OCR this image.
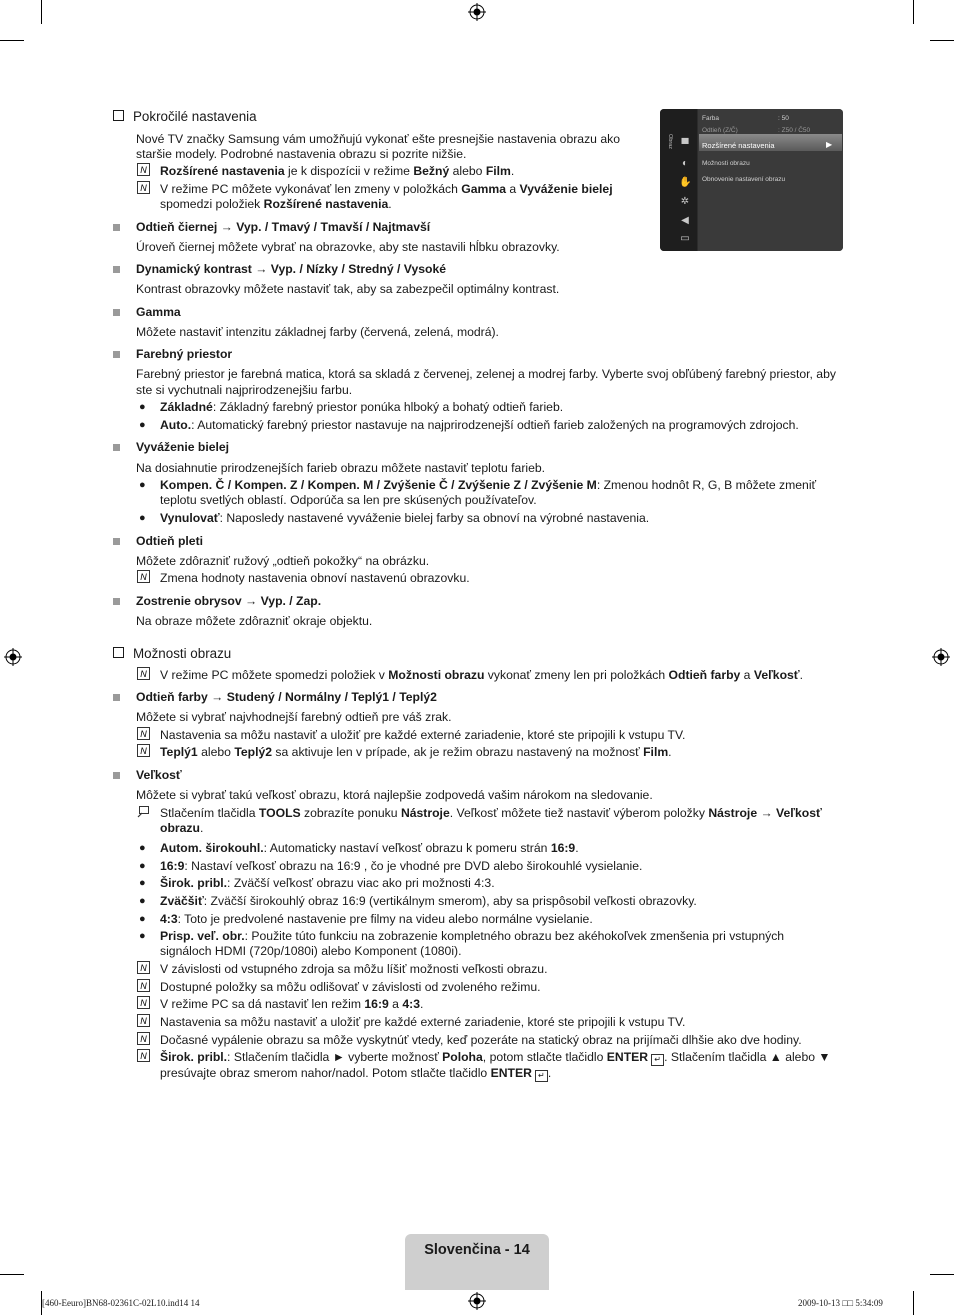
Obraz ▀
◐
✋
✲
◀
▭
Farba	: 50
Odtieň (Z/Č)	: Z50 / Č50
Rozšírené nastavenia	▶
Možnosti obrazu
Obnovenie nastavení obrazu
Pokročilé nastavenia
Nové TV značky Samsung vám umožňujú vykonať ešte presnejšie nastavenia obrazu ako
staršie modely. Podrobné nastavenia obrazu si pozrite nižšie.
N Rozšírené nastavenia je k dispozícii v režime Bežný alebo Film.
N V režime PC môžete vykonávať len zmeny v položkách Gamma a Vyváženie bielej
spomedzi položiek Rozšírené nastavenia.
Odtieň čiernej → Vyp. / Tmavý / Tmavší / Najtmavší
Úroveň čiernej môžete vybrať na obrazovke, aby ste nastavili hĺbku obrazovky.
Dynamický kontrast → Vyp. / Nízky / Stredný / Vysoké
Kontrast obrazovky môžete nastaviť tak, aby sa zabezpečil optimálny kontrast.
Gamma
Môžete nastaviť intenzitu základnej farby (červená, zelená, modrá).
Farebný priestor
Farebný priestor je farebná matica, ktorá sa skladá z červenej, zelenej a modrej farby. Vyberte svoj obľúbený farebný priestor, aby
ste si vychutnali najprirodzenejšiu farbu.
● Základné: Základný farebný priestor ponúka hlboký a bohatý odtieň farieb.
● Auto.: Automatický farebný priestor nastavuje na najprirodzenejší odtieň farieb založených na programových zdrojoch.
Vyváženie bielej
Na dosiahnutie prirodzenejších farieb obrazu môžete nastaviť teplotu farieb.
● Kompen. Č / Kompen. Z / Kompen. M / Zvýšenie Č / Zvýšenie Z / Zvýšenie M: Zmenou hodnôt R, G, B môžete zmeniť
teplotu svetlých oblastí. Odporúča sa len pre skúsených používateľov.
● Vynulovať: Naposledy nastavené vyváženie bielej farby sa obnoví na výrobné nastavenia.
Odtieň pleti
Môžete zdôrazniť ružový „odtieň pokožky“ na obrázku.
N Zmena hodnoty nastavenia obnoví nastavenú obrazovku.
Zostrenie obrysov → Vyp. / Zap.
Na obraze môžete zdôrazniť okraje objektu.
Možnosti obrazu
N V režime PC môžete spomedzi položiek v Možnosti obrazu vykonať zmeny len pri položkách Odtieň farby a Veľkosť.
Odtieň farby → Studený / Normálny / Teplý1 / Teplý2
Môžete si vybrať najvhodnejší farebný odtieň pre váš zrak.
N Nastavenia sa môžu nastaviť a uložiť pre každé externé zariadenie, ktoré ste pripojili k vstupu TV.
N Teplý1 alebo Teplý2 sa aktivuje len v prípade, ak je režim obrazu nastavený na možnosť Film.
Veľkosť
Môžete si vybrať takú veľkosť obrazu, ktorá najlepšie zodpovedá vašim nárokom na sledovanie.
Stlačením tlačidla TOOLS zobrazíte ponuku Nástroje. Veľkosť môžete tiež nastaviť výberom položky Nástroje → Veľkosť
obrazu.
● Autom. širokouhl.: Automaticky nastaví veľkosť obrazu k pomeru strán 16:9.
● 16:9: Nastaví veľkosť obrazu na 16:9 , čo je vhodné pre DVD alebo širokouhlé vysielanie.
● Širok. pribl.: Zväčší veľkosť obrazu viac ako pri možnosti 4:3.
● Zväčšiť: Zväčší širokouhlý obraz 16:9 (vertikálnym smerom), aby sa prispôsobil veľkosti obrazovky.
● 4:3: Toto je predvolené nastavenie pre filmy na videu alebo normálne vysielanie.
● Prisp. veľ. obr.: Použite túto funkciu na zobrazenie kompletného obrazu bez akéhokoľvek zmenšenia pri vstupných
signáloch HDMI (720p/1080i) alebo Komponent (1080i).
N V závislosti od vstupného zdroja sa môžu líšiť možnosti veľkosti obrazu.
N Dostupné položky sa môžu odlišovať v závislosti od zvoleného režimu.
N V režime PC sa dá nastaviť len režim 16:9 a 4:3.
N Nastavenia sa môžu nastaviť a uložiť pre každé externé zariadenie, ktoré ste pripojili k vstupu TV.
N Dočasné vypálenie obrazu sa môže vyskytnúť vtedy, keď pozeráte na statický obraz na prijímači dlhšie ako dve hodiny.
N Širok. pribl.: Stlačením tlačidla ► vyberte možnosť Poloha, potom stlačte tlačidlo ENTER ↵ . Stlačením tlačidla ▲ alebo ▼
presúvajte obraz smerom nahor/nadol. Potom stlačte tlačidlo ENTER ↵ .
Slovenčina - 14
[460-Eeuro]BN68-02361C-02L10.ind14 14	2009-10-13 □□ 5:34:09
